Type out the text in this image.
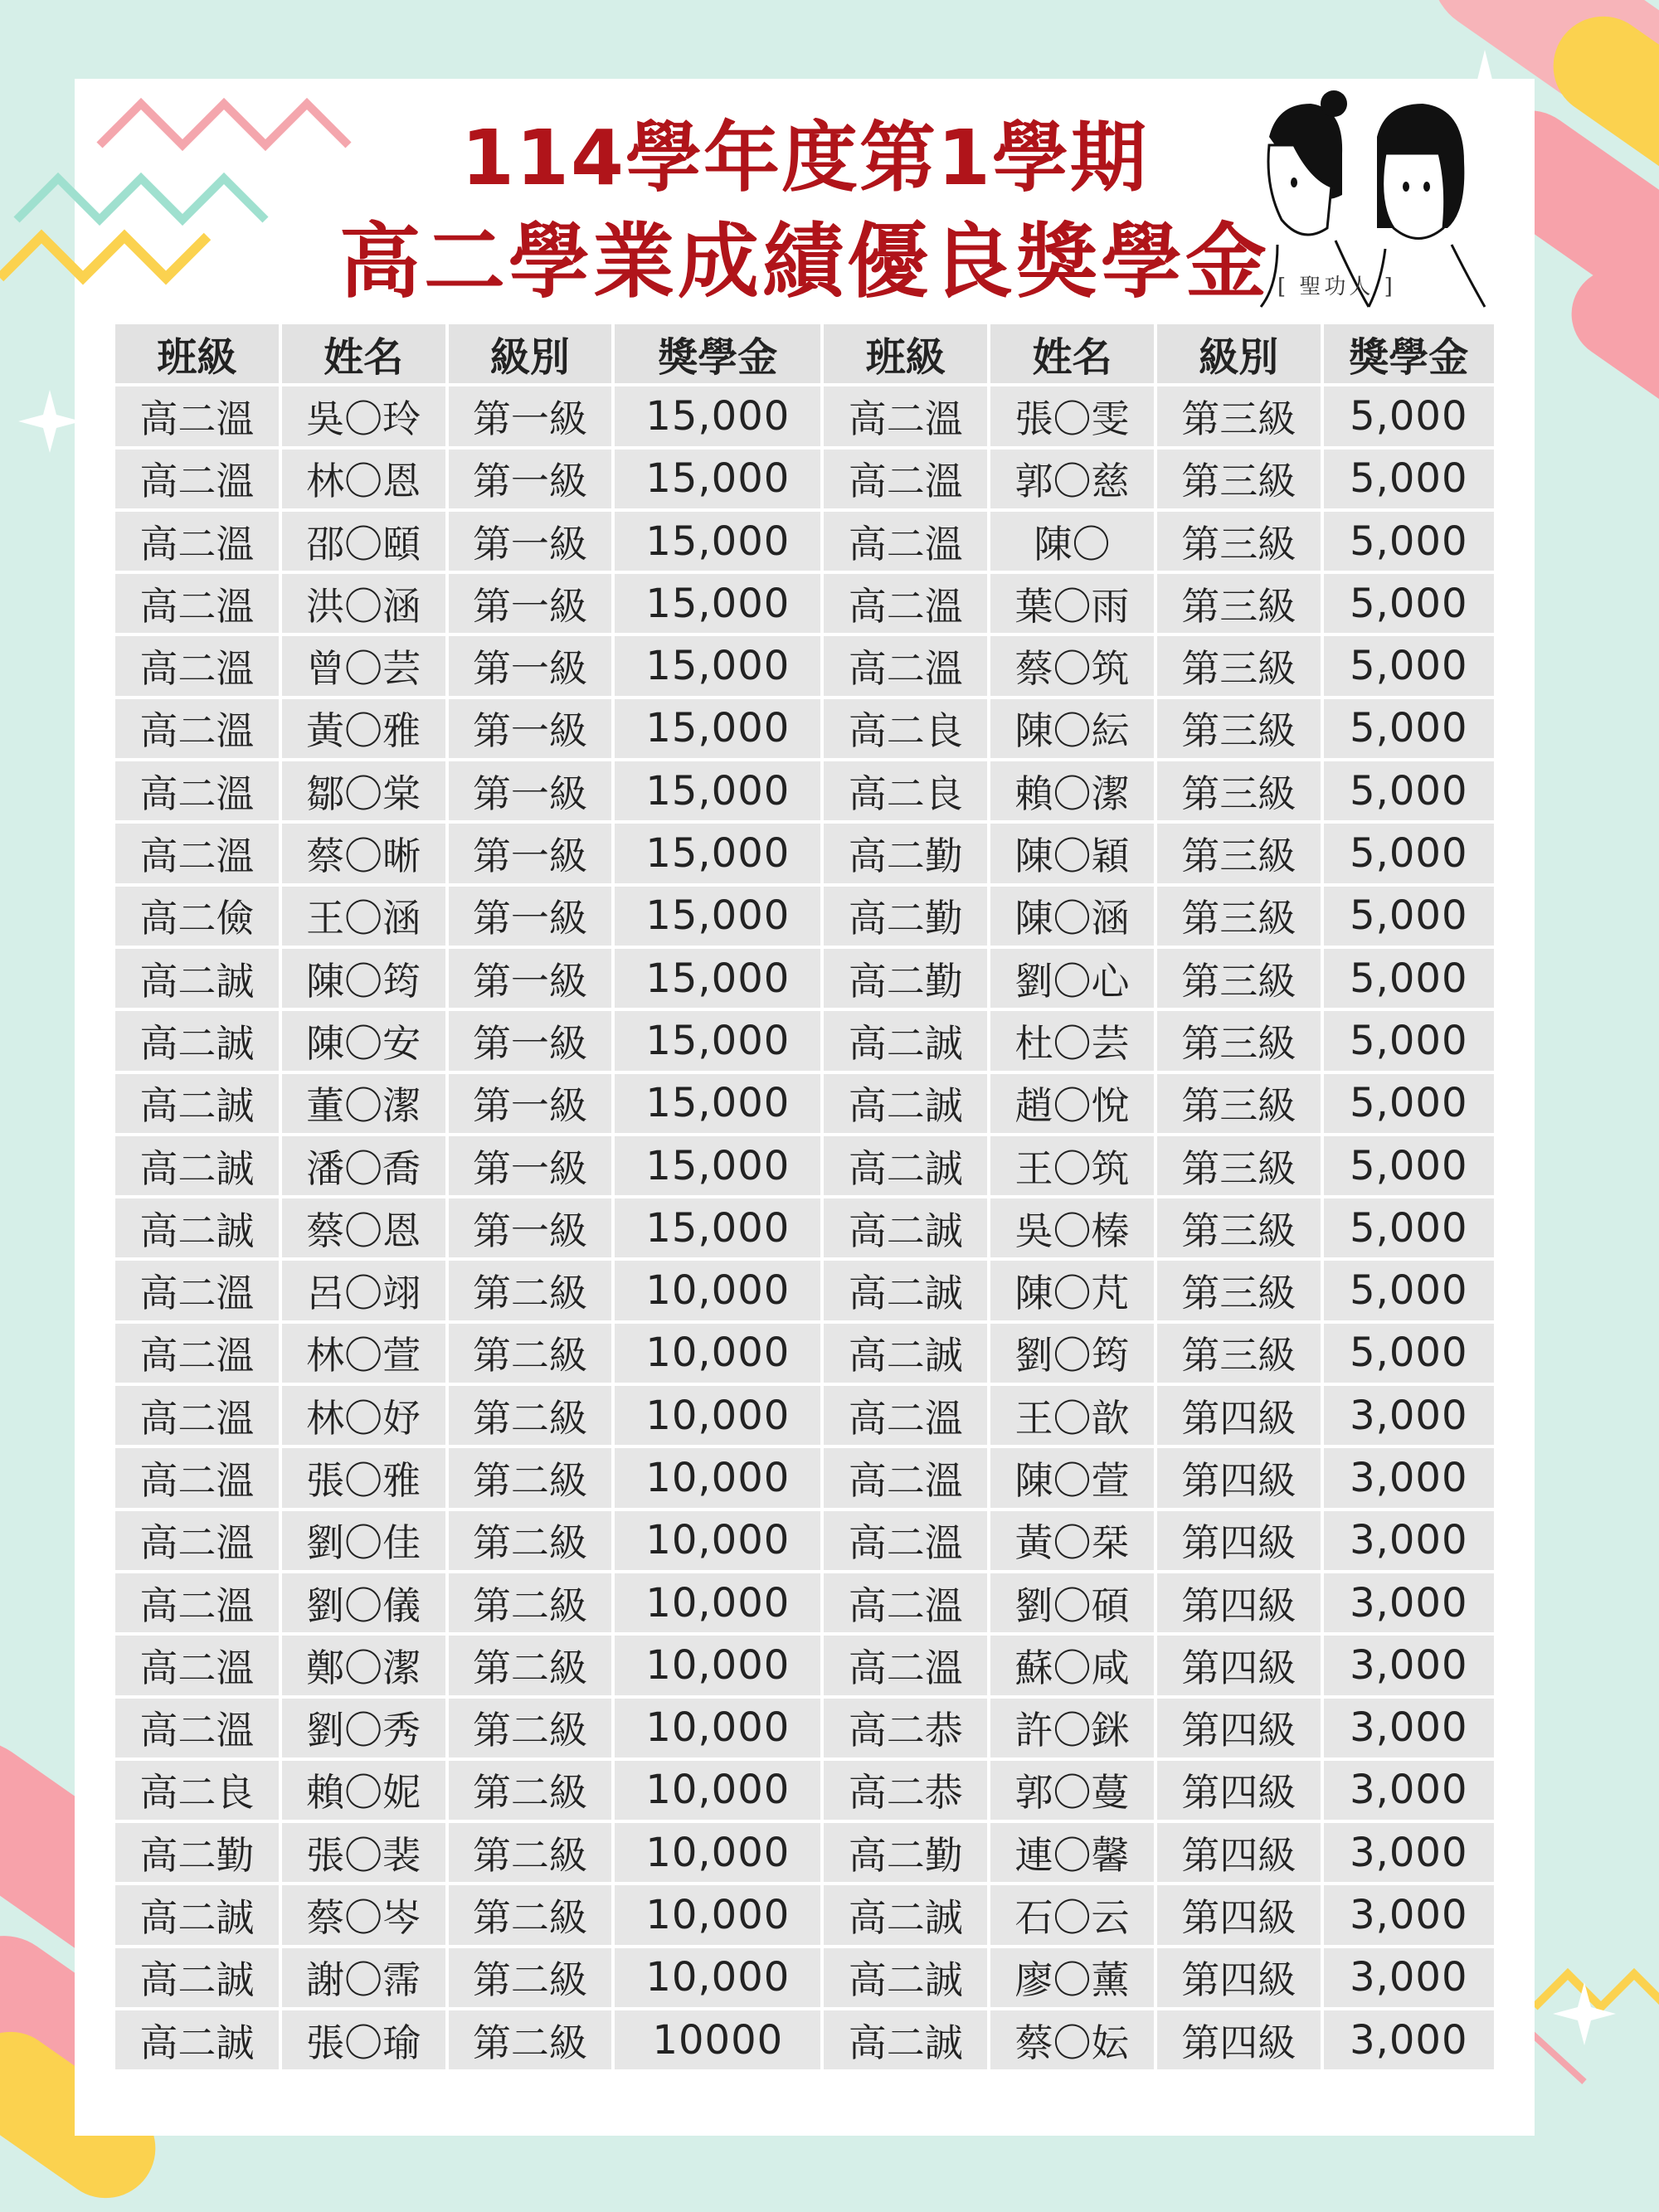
114學年度第1學期
高二學業成績優良獎學金 [ 聖功人 ]
班級	姓名	級別	獎學金	班級	姓名	級別	獎學金
高二溫	吳〇玲	第一級	15,000	高二溫	張〇雯	第三級	5,000
高二溫	林〇恩	第一級	15,000	高二溫	郭〇慈	第三級	5,000
高二溫	邵〇頤	第一級	15,000	高二溫	陳〇	第三級	5,000
高二溫	洪〇涵	第一級	15,000	高二溫	葉〇雨	第三級	5,000
高二溫	曾〇芸	第一級	15,000	高二溫	蔡〇筑	第三級	5,000
高二溫	黃〇雅	第一級	15,000	高二良	陳〇紜	第三級	5,000
高二溫	鄒〇棠	第一級	15,000	高二良	賴〇潔	第三級	5,000
高二溫	蔡〇晰	第一級	15,000	高二勤	陳〇穎	第三級	5,000
高二儉	王〇涵	第一級	15,000	高二勤	陳〇涵	第三級	5,000
高二誠	陳〇筠	第一級	15,000	高二勤	劉〇心	第三級	5,000
高二誠	陳〇安	第一級	15,000	高二誠	杜〇芸	第三級	5,000
高二誠	董〇潔	第一級	15,000	高二誠	趙〇悅	第三級	5,000
高二誠	潘〇喬	第一級	15,000	高二誠	王〇筑	第三級	5,000
高二誠	蔡〇恩	第一級	15,000	高二誠	吳〇榛	第三級	5,000
高二溫	呂〇翊	第二級	10,000	高二誠	陳〇芃	第三級	5,000
高二溫	林〇萱	第二級	10,000	高二誠	劉〇筠	第三級	5,000
高二溫	林〇妤	第二級	10,000	高二溫	王〇歆	第四級	3,000
高二溫	張〇雅	第二級	10,000	高二溫	陳〇萱	第四級	3,000
高二溫	劉〇佳	第二級	10,000	高二溫	黃〇栞	第四級	3,000
高二溫	劉〇儀	第二級	10,000	高二溫	劉〇碩	第四級	3,000
高二溫	鄭〇潔	第二級	10,000	高二溫	蘇〇咸	第四級	3,000
高二溫	劉〇秀	第二級	10,000	高二恭	許〇銤	第四級	3,000
高二良	賴〇妮	第二級	10,000	高二恭	郭〇蔓	第四級	3,000
高二勤	張〇裴	第二級	10,000	高二勤	連〇馨	第四級	3,000
高二誠	蔡〇岑	第二級	10,000	高二誠	石〇云	第四級	3,000
高二誠	謝〇霈	第二級	10,000	高二誠	廖〇薰	第四級	3,000
高二誠	張〇瑜	第二級	10000	高二誠	蔡〇妘	第四級	3,000
